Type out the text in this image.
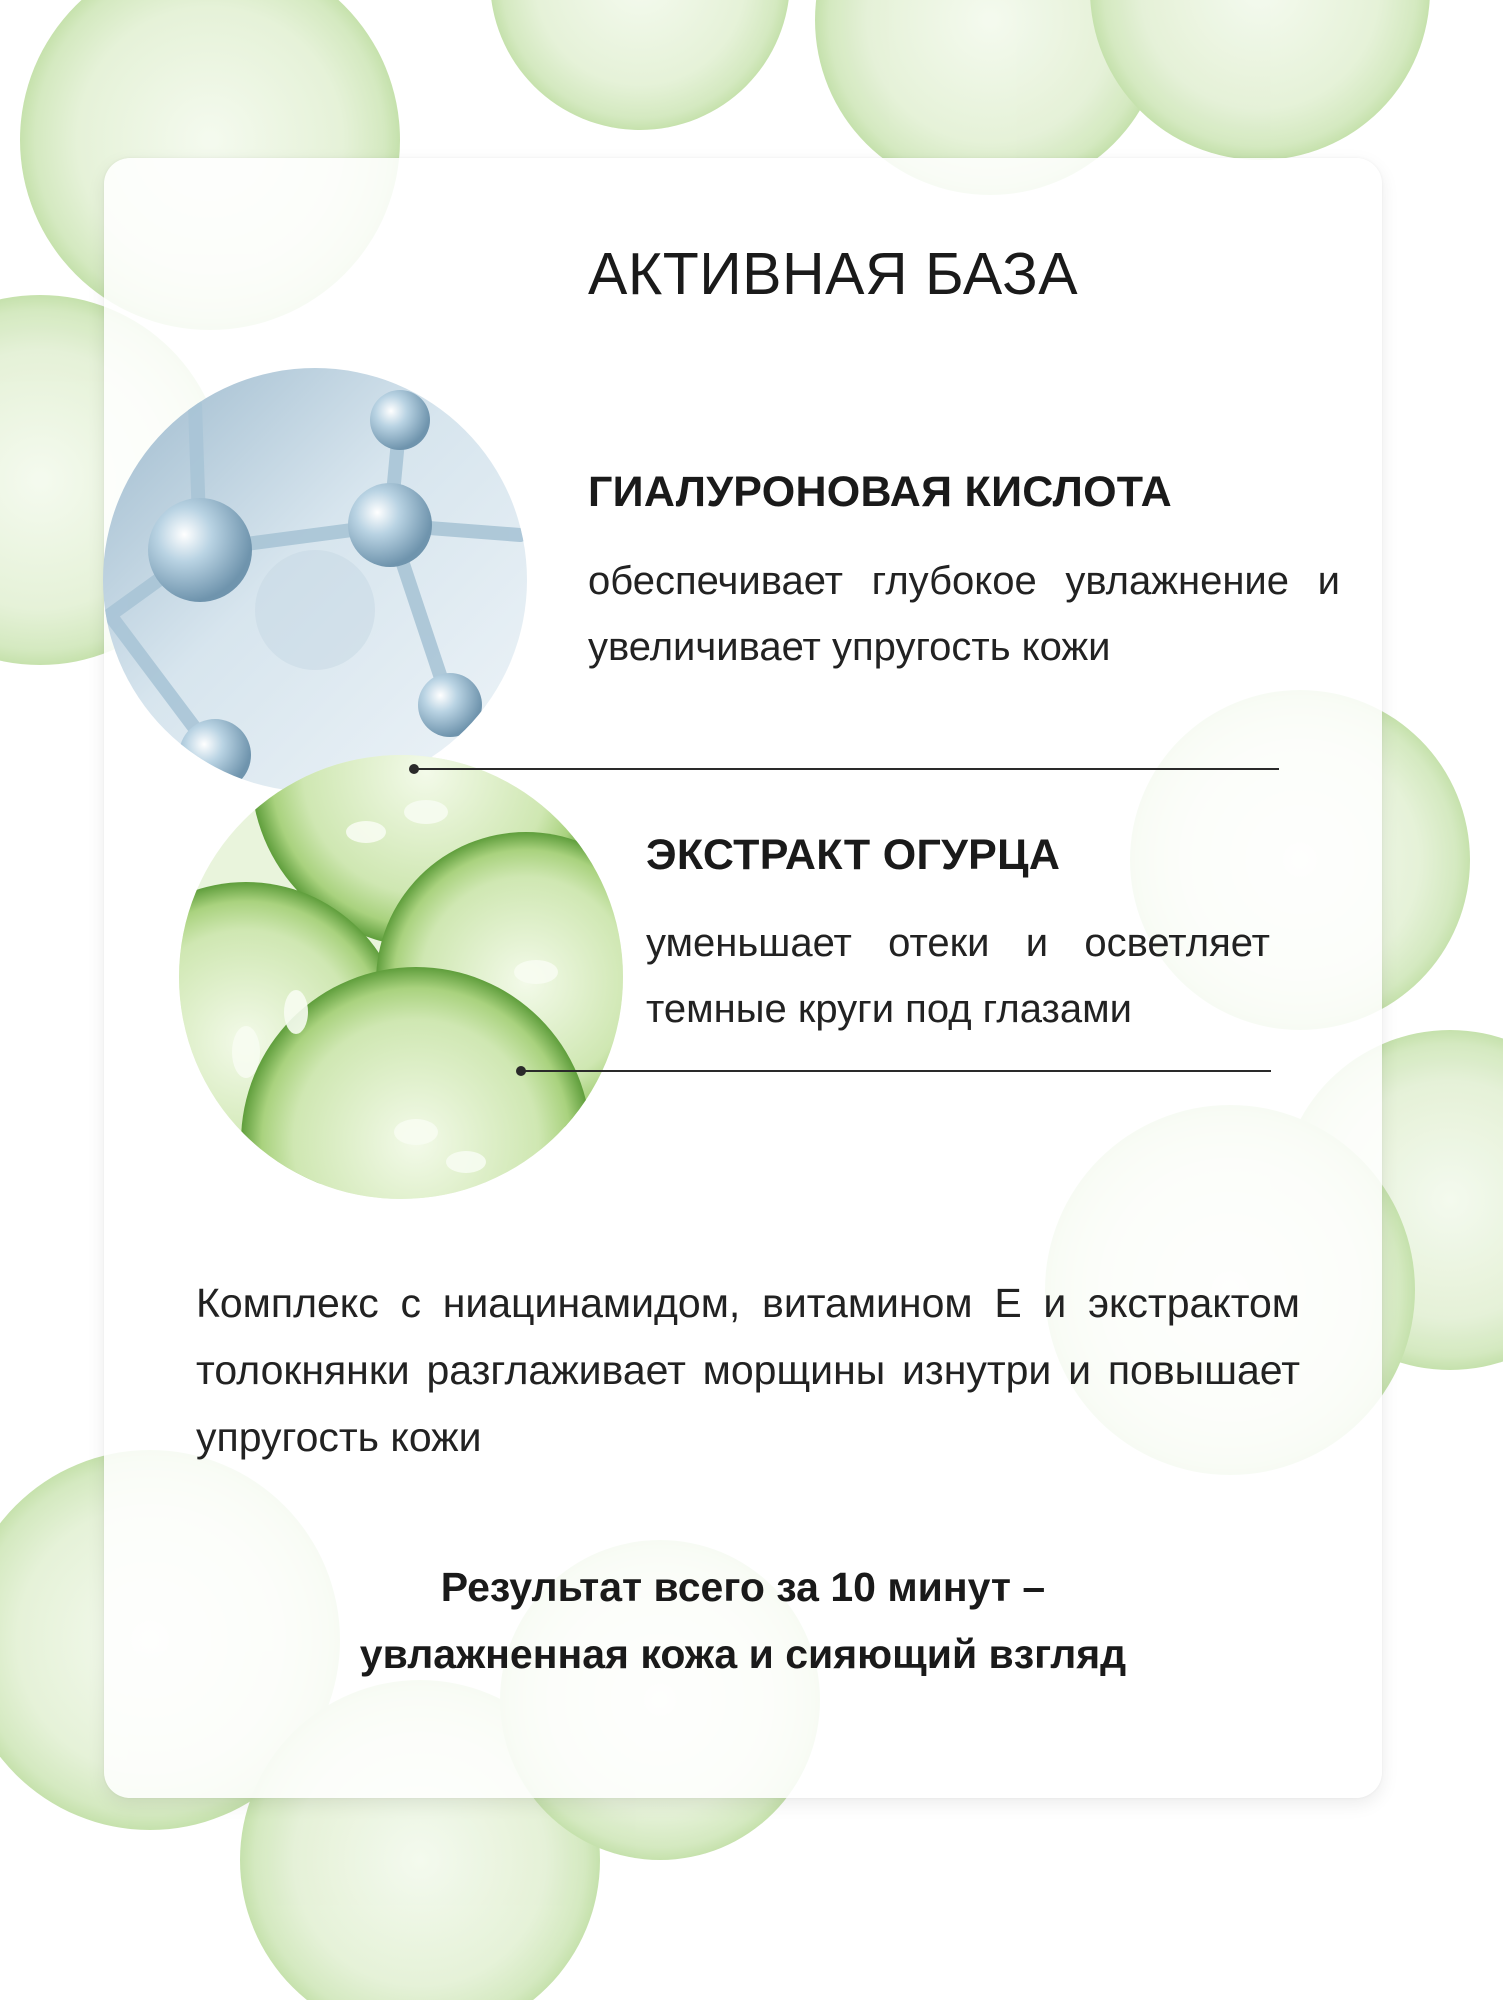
АКТИВНАЯ БАЗА
ГИАЛУРОНОВАЯ КИСЛОТА

обеспечивает глубокое увлажнение и увеличивает упругость кожи

ЭКСТРАКТ ОГУРЦА

уменьшает отеки и осветляет темные круги под глазами

Комплекс с ниацинамидом, витамином Е и экстрактом толокнянки разглаживает морщины изнутри и повышает упругость кожи

Результат всего за 10 минут –
увлажненная кожа и сияющий взгляд
